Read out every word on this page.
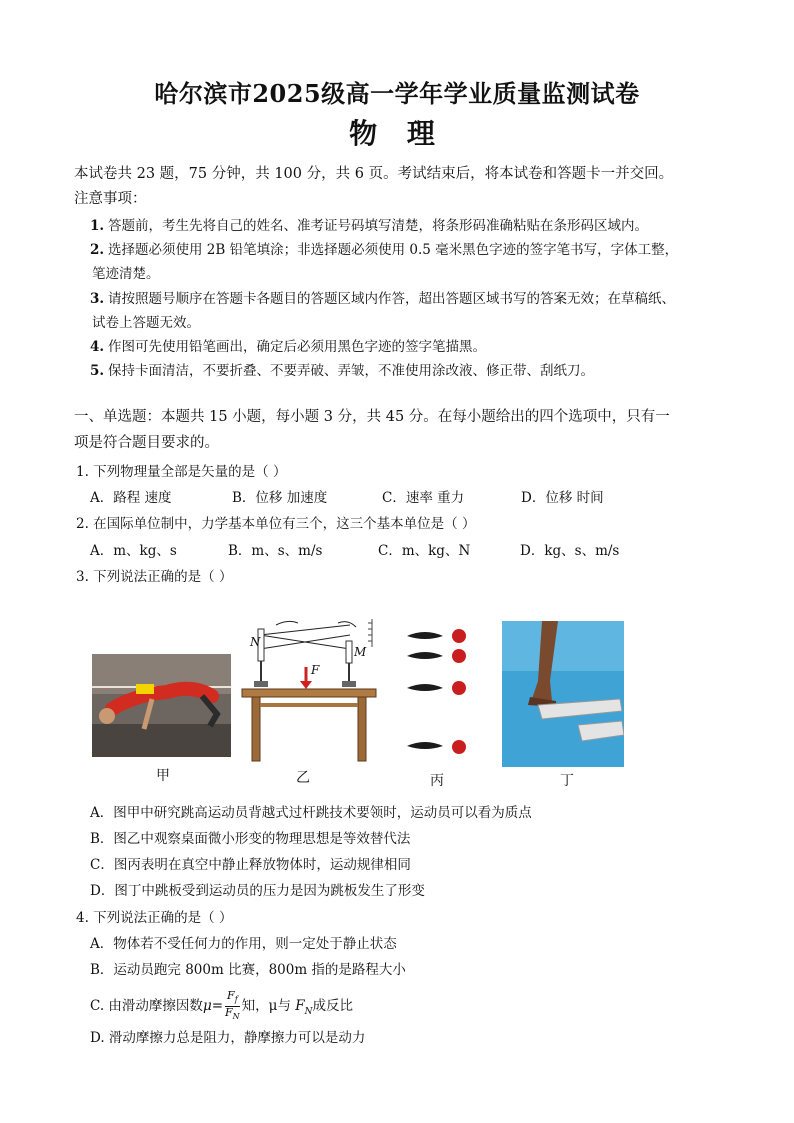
哈尔滨市2025级高一学年学业质量监测试卷
物 理
本试卷共 23 题，75 分钟，共 100 分，共 6 页。考试结束后，将本试卷和答题卡一并交回。
注意事项：
1. 答题前，考生先将自己的姓名、准考证号码填写清楚，将条形码准确粘贴在条形码区域内。
2. 选择题必须使用 2B 铅笔填涂；非选择题必须使用 0.5 毫米黑色字迹的签字笔书写，字体工整，
笔迹清楚。
3. 请按照题号顺序在答题卡各题目的答题区域内作答，超出答题区域书写的答案无效；在草稿纸、
试卷上答题无效。
4. 作图可先使用铅笔画出，确定后必须用黑色字迹的签字笔描黑。
5. 保持卡面清洁，不要折叠、不要弄破、弄皱，不准使用涂改液、修正带、刮纸刀。
一、单选题：本题共 15 小题，每小题 3 分，共 45 分。在每小题给出的四个选项中，只有一
项是符合题目要求的。
1. 下列物理量全部是矢量的是（ ）
A．路程 速度	B．位移 加速度	C．速率 重力	D．位移 时间
2. 在国际单位制中，力学基本单位有三个，这三个基本单位是（ ）
A．m、kg、s	B．m、s、m/s	C．m、kg、N	D．kg、s、m/s
3. 下列说法正确的是（ ）
甲
N
M
F
乙	丙	丁
A．图甲中研究跳高运动员背越式过杆跳技术要领时，运动员可以看为质点
B．图乙中观察桌面微小形变的物理思想是等效替代法
C．图丙表明在真空中静止释放物体时，运动规律相同
D．图丁中跳板受到运动员的压力是因为跳板发生了形变
4. 下列说法正确的是（ ）
A．物体若不受任何力的作用，则一定处于静止状态
B．运动员跑完 800m 比赛，800m 指的是路程大小
C. 由滑动摩擦因数$\mu= \frac{F_f}{F_N}$ 知，μ与 $F_N$成反比
D. 滑动摩擦力总是阻力，静摩擦力可以是动力
